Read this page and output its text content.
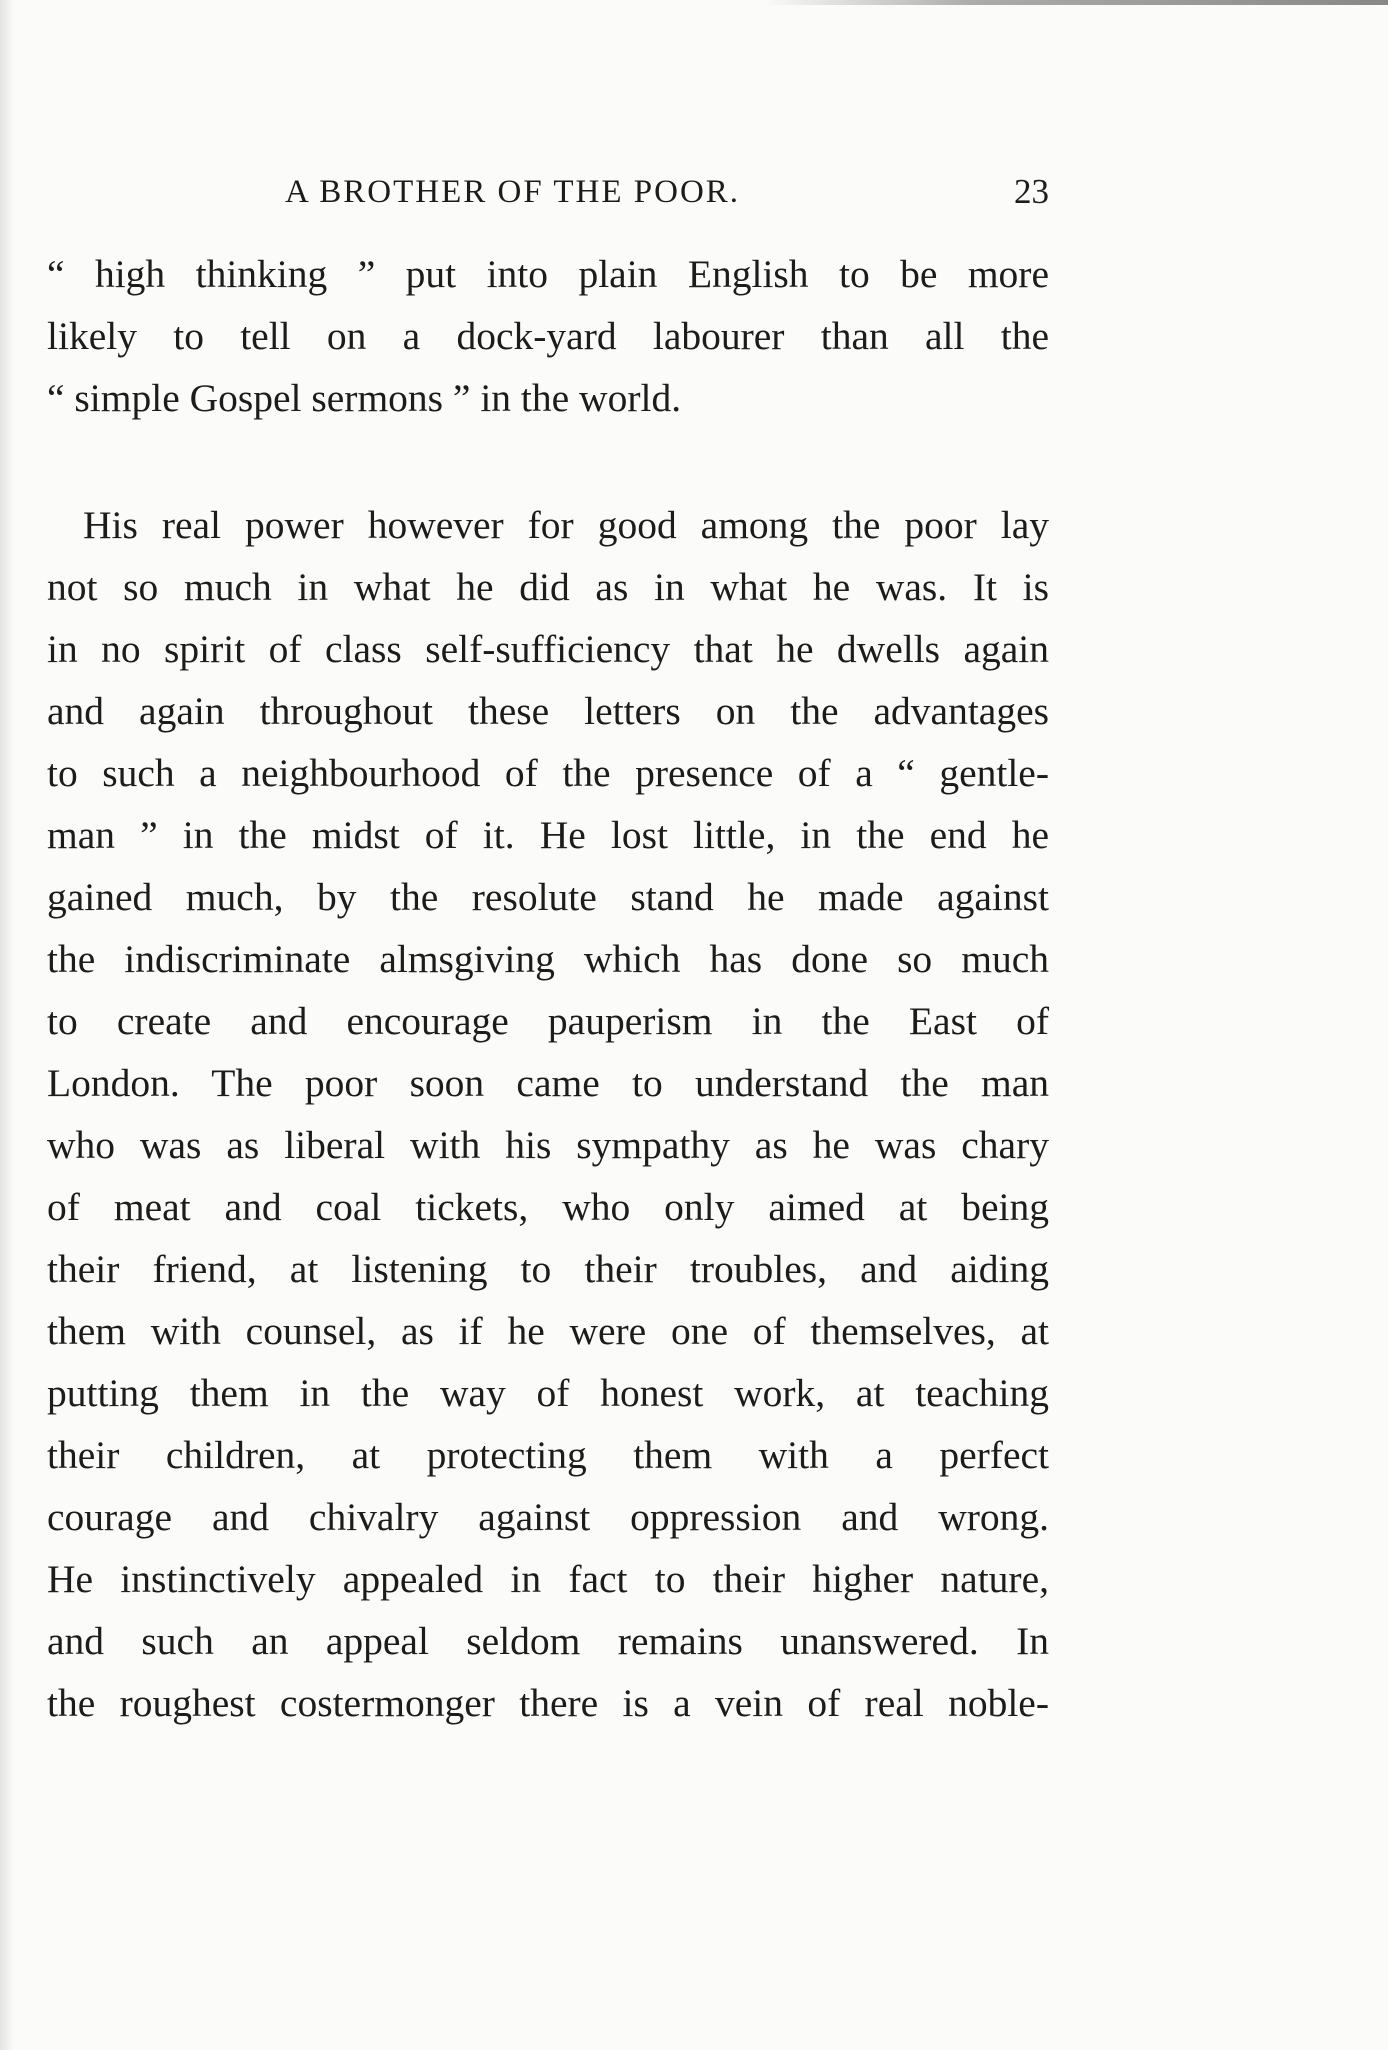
A BROTHER OF THE POOR.	23
“ high thinking ” put into plain English to be more
likely to tell on a dock-yard labourer than all the
“ simple Gospel sermons ” in the world.
His real power however for good among the poor lay
not so much in what he did as in what he was. It is
in no spirit of class self-sufficiency that he dwells again
and again throughout these letters on the advantages
to such a neighbourhood of the presence of a “ gentle-
man ” in the midst of it. He lost little, in the end he
gained much, by the resolute stand he made against
the indiscriminate almsgiving which has done so much
to create and encourage pauperism in the East of
London. The poor soon came to understand the man
who was as liberal with his sympathy as he was chary
of meat and coal tickets, who only aimed at being
their friend, at listening to their troubles, and aiding
them with counsel, as if he were one of themselves, at
putting them in the way of honest work, at teaching
their children, at protecting them with a perfect
courage and chivalry against oppression and wrong.
He instinctively appealed in fact to their higher nature,
and such an appeal seldom remains unanswered. In
the roughest costermonger there is a vein of real noble-
